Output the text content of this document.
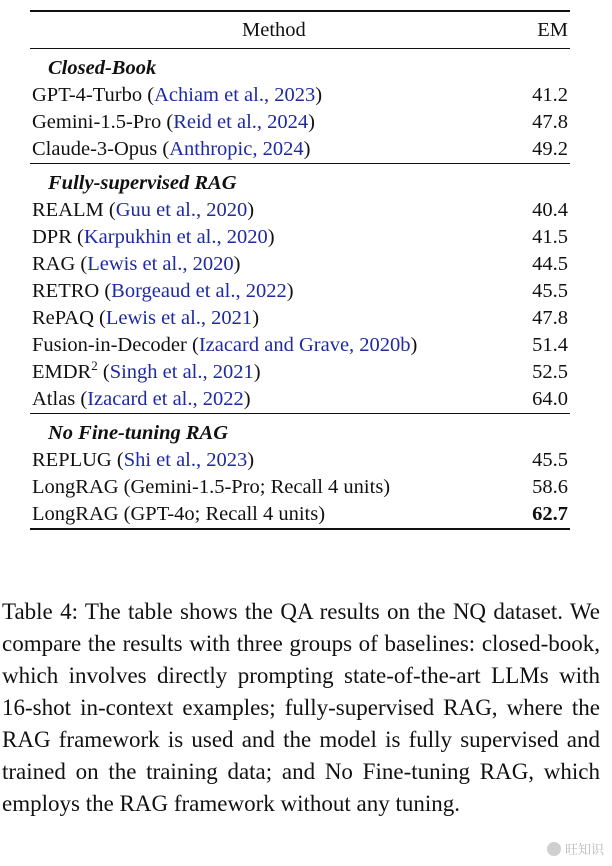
Method	EM
Closed-Book	
GPT-4-Turbo (Achiam et al., 2023)	41.2
Gemini-1.5-Pro (Reid et al., 2024)	47.8
Claude-3-Opus (Anthropic, 2024)	49.2
Fully-supervised RAG	
REALM (Guu et al., 2020)	40.4
DPR (Karpukhin et al., 2020)	41.5
RAG (Lewis et al., 2020)	44.5
RETRO (Borgeaud et al., 2022)	45.5
RePAQ (Lewis et al., 2021)	47.8
Fusion-in-Decoder (Izacard and Grave, 2020b)	51.4
EMDR$^2$ (Singh et al., 2021)	52.5
Atlas (Izacard et al., 2022)	64.0
No Fine-tuning RAG	
REPLUG (Shi et al., 2023)	45.5
LongRAG (Gemini-1.5-Pro; Recall 4 units)	58.6
LongRAG (GPT-4o; Recall 4 units)	62.7
Table 4: The table shows the QA results on the NQ dataset. We compare the results with three groups of baselines: closed-book, which involves directly prompting state-of-the-art LLMs with 16-shot in-context examples; fully-supervised RAG, where the RAG framework is used and the model is fully supervised and trained on the training data; and No Fine-tuning RAG, which employs the RAG framework without any tuning.
旺知识
